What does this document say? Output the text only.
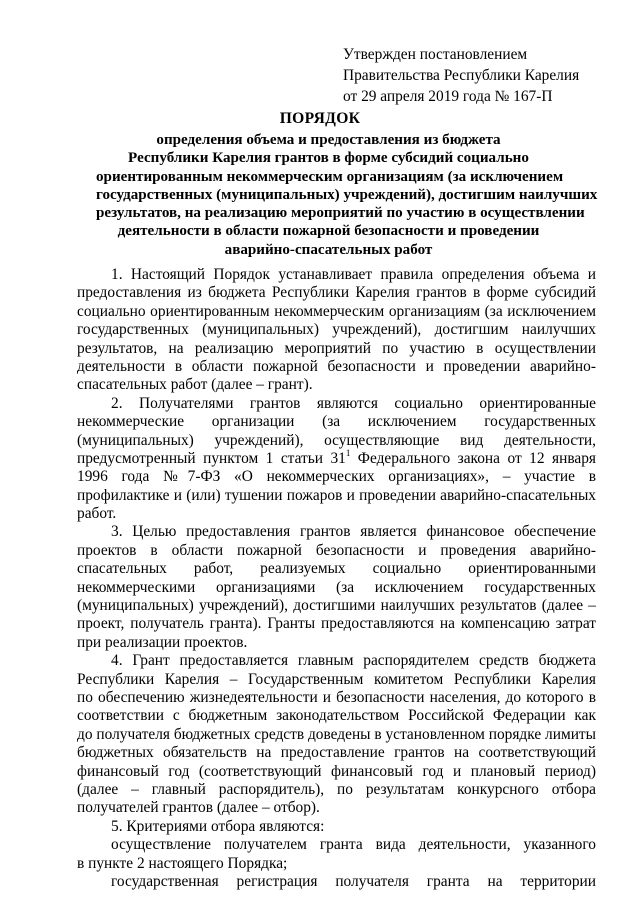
Утвержден постановлением
Правительства Республики Карелия
от 29 апреля 2019 года № 167-П
ПОРЯДОК
определения объема и предоставления из бюджета
Республики Карелия грантов в форме субсидий социально
ориентированным некоммерческим организациям (за исключением
государственных (муниципальных) учреждений), достигшим наилучших
результатов, на реализацию мероприятий по участию в осуществлении
деятельности в области пожарной безопасности и проведении
аварийно-спасательных работ
1. Настоящий Порядок устанавливает правила определения объема и
предоставления из бюджета Республики Карелия грантов в форме субсидий
социально ориентированным некоммерческим организациям (за исключением
государственных (муниципальных) учреждений), достигшим наилучших
результатов, на реализацию мероприятий по участию в осуществлении
деятельности в области пожарной безопасности и проведении аварийно-
спасательных работ (далее – грант).
2. Получателями грантов являются социально ориентированные
некоммерческие организации (за исключением государственных
(муниципальных) учреждений), осуществляющие вид деятельности,
предусмотренный пунктом 1 статьи $31^1$ Федерального закона от 12 января
1996 года №7-ФЗ «О некоммерческих организациях», – участие в
профилактике и (или) тушении пожаров и проведении аварийно-спасательных
работ.
3. Целью предоставления грантов является финансовое обеспечение
проектов в области пожарной безопасности и проведения аварийно-
спасательных работ, реализуемых социально ориентированными
некоммерческими организациями (за исключением государственных
(муниципальных) учреждений), достигшими наилучших результатов (далее –
проект, получатель гранта). Гранты предоставляются на компенсацию затрат
при реализации проектов.
4. Грант предоставляется главным распорядителем средств бюджета
Республики Карелия – Государственным комитетом Республики Карелия
по обеспечению жизнедеятельности и безопасности населения, до которого в
соответствии с бюджетным законодательством Российской Федерации как
до получателя бюджетных средств доведены в установленном порядке лимиты
бюджетных обязательств на предоставление грантов на соответствующий
финансовый год (соответствующий финансовый год и плановый период)
(далее – главный распорядитель), по результатам конкурсного отбора
получателей грантов (далее – отбор).
5. Критериями отбора являются:
осуществление получателем гранта вида деятельности, указанного
в пункте 2 настоящего Порядка;
государственная регистрация получателя гранта на территории
